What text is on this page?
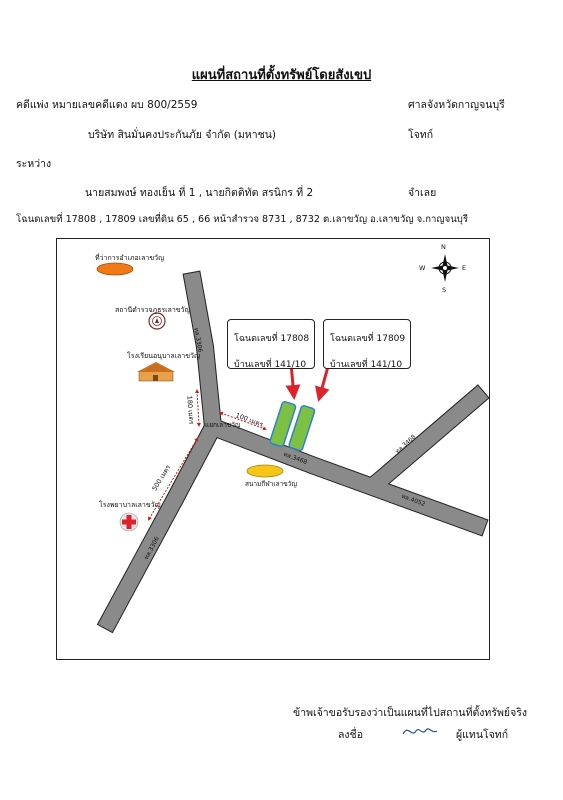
แผนที่สถานที่ตั้งทรัพย์โดยสังเขป
คดีแพ่ง หมายเลขคดีแดง ผบ 800/2559	ศาลจังหวัดกาญจนบุรี
บริษัท สินมั่นคงประกันภัย จำกัด (มหาชน)	โจทก์
ระหว่าง
นายสมพงษ์ ทองเย็น ที่ 1 , นายกิตติทัต สรนิกร ที่ 2	จำเลย
โฉนดเลขที่ 17808 , 17809 เลขที่ดิน 65 , 66 หน้าสำรวจ 8731 , 8732 ต.เลาขวัญ อ.เลาขวัญ จ.กาญจนบุรี
N
S
E
W
ที่ว่าการอำเภอเลาขวัญ
สถานีตำรวจภูธรเลาขวัญ
โรงเรียนอนุบาลเลาขวัญ
โรงพยาบาลเลาขวัญ
แยกเลาขวัญ
สนามกีฬาเลาขวัญ
ทล.3306
ทล.3306
ทล.3468
ทล.3468
ทล.4052
180 เมตร	100 เมตร
500 เมตร
โฉนดเลขที่ 17808
บ้านเลขที่ 141/10
โฉนดเลขที่ 17809
บ้านเลขที่ 141/10
ข้าพเจ้าขอรับรองว่าเป็นแผนที่ไปสถานที่ตั้งทรัพย์จริง
ลงชื่อ	ผู้แทนโจทก์
